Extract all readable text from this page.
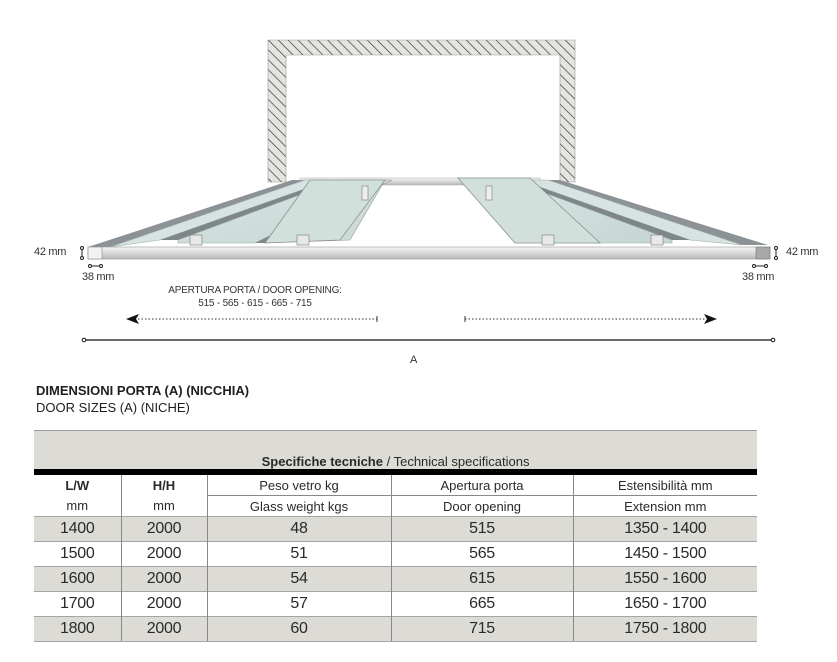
42 mm
38 mm
42 mm
38 mm
APERTURA PORTA / DOOR OPENING:
515 - 565 - 615 - 665 - 715
A
DIMENSIONI PORTA (A) (NICCHIA)
DOOR SIZES (A) (NICHE)
Specifiche tecniche / Technical specifications				

L/W	H/H	Peso vetro kg	Apertura porta	Estensibilità mm
mm	mm	Glass weight kgs	Door opening	Extension mm
1400	2000	48	515	1350 - 1400
1500	2000	51	565	1450 - 1500
1600	2000	54	615	1550 - 1600
1700	2000	57	665	1650 - 1700
1800	2000	60	715	1750 - 1800
